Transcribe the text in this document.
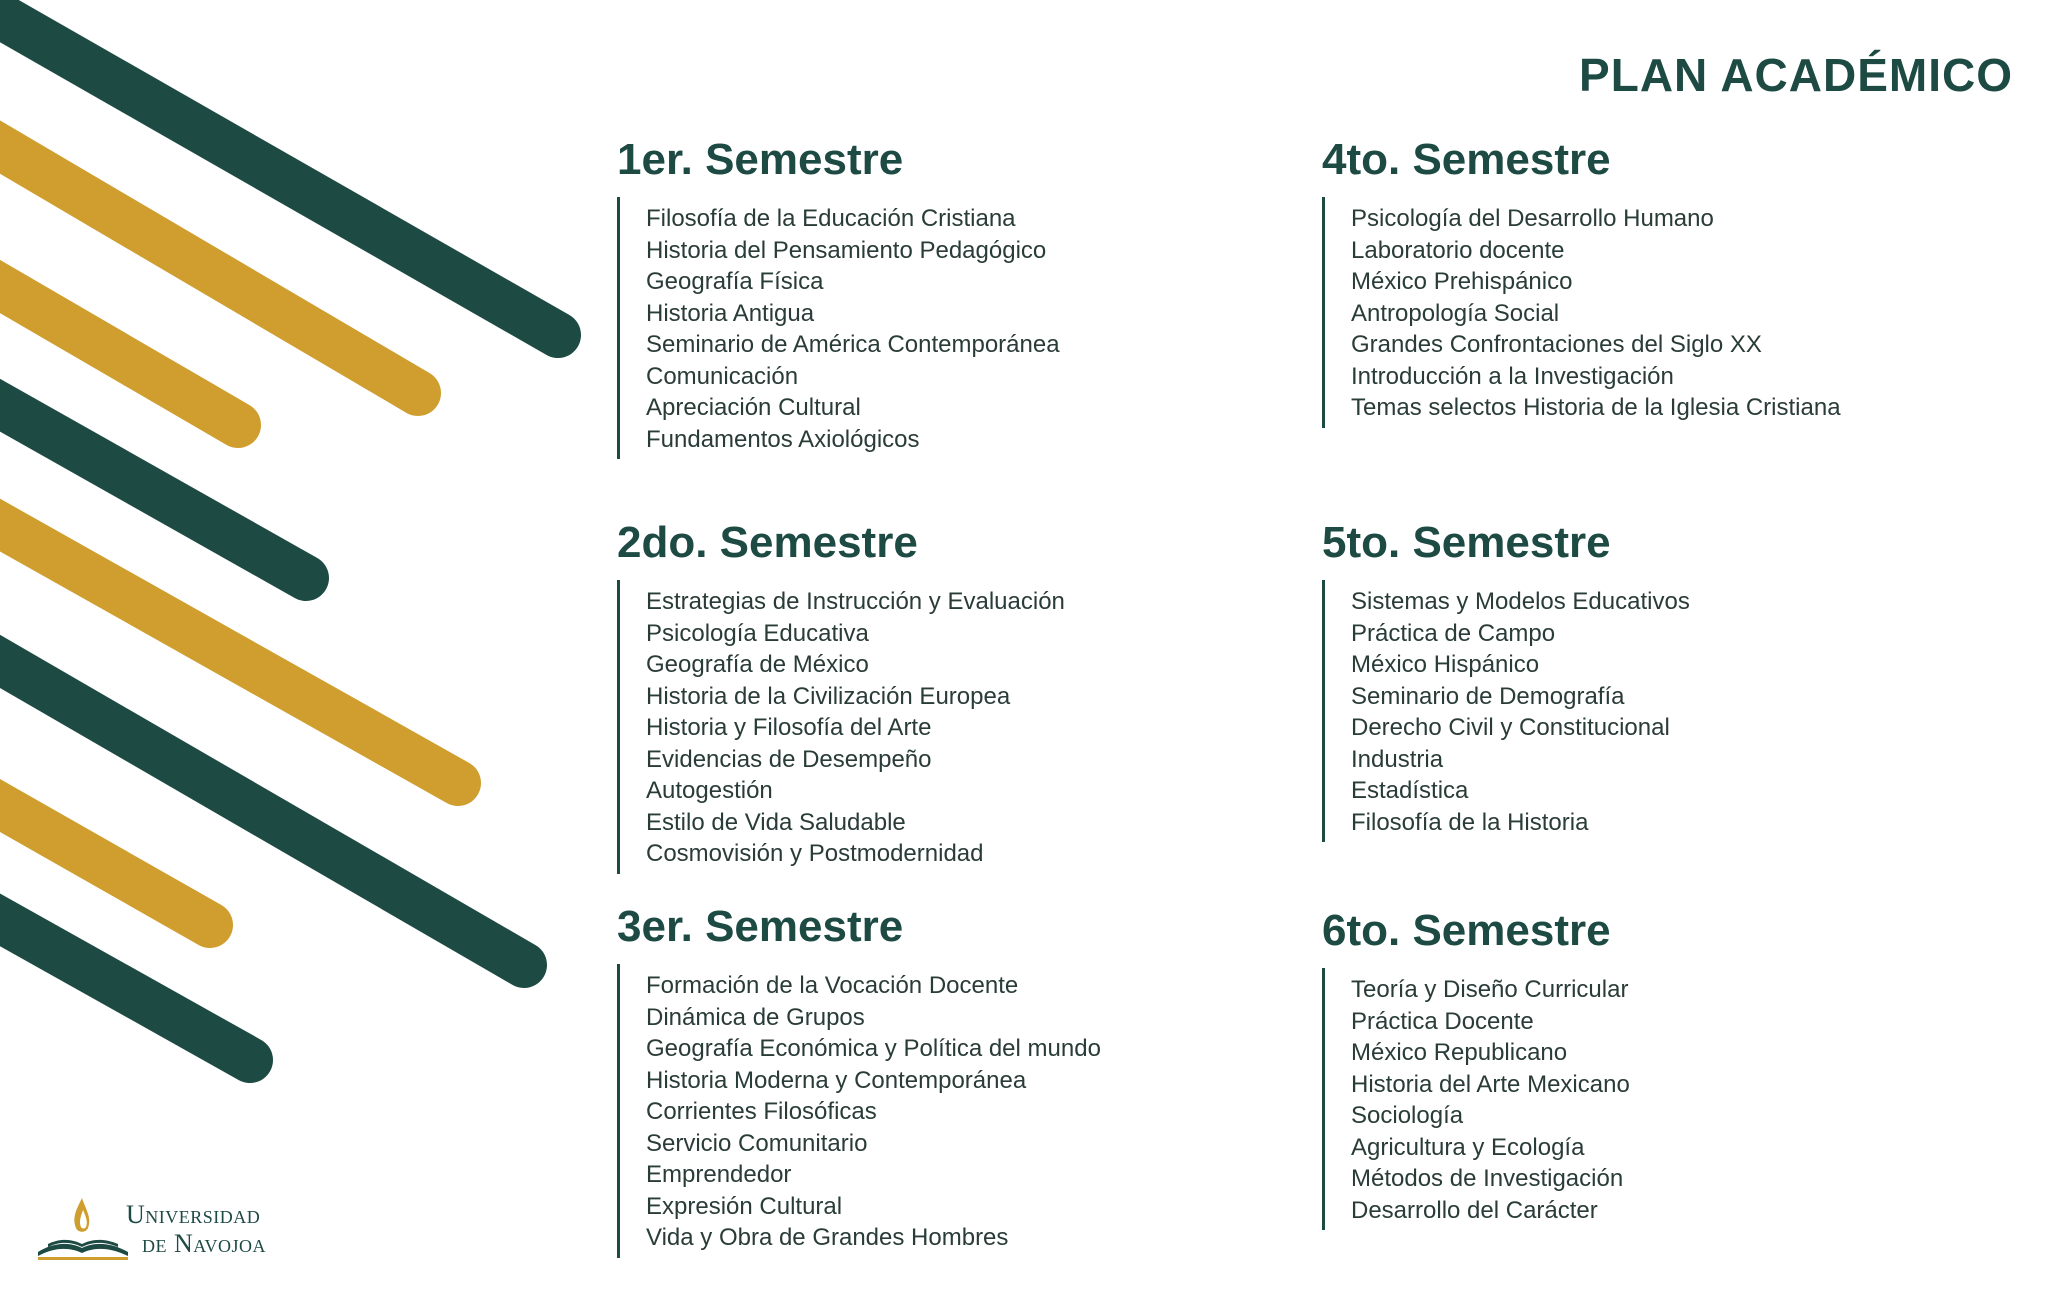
PLAN ACADÉMICO
1er. Semestre
Filosofía de la Educación Cristiana
Historia del Pensamiento Pedagógico
Geografía Física
Historia Antigua
Seminario de América Contemporánea
Comunicación
Apreciación Cultural
Fundamentos Axiológicos
2do. Semestre
Estrategias de Instrucción y Evaluación
Psicología Educativa
Geografía de México
Historia de la Civilización Europea
Historia y Filosofía del Arte
Evidencias de Desempeño
Autogestión
Estilo de Vida Saludable
Cosmovisión y Postmodernidad
3er. Semestre
Formación de la Vocación Docente
Dinámica de Grupos
Geografía Económica y Política del mundo
Historia Moderna y Contemporánea
Corrientes Filosóficas
Servicio Comunitario
Emprendedor
Expresión Cultural
Vida y Obra de Grandes Hombres
4to. Semestre
Psicología del Desarrollo Humano
Laboratorio docente
México Prehispánico
Antropología Social
Grandes Confrontaciones del Siglo XX
Introducción a la Investigación
Temas selectos Historia de la Iglesia Cristiana
5to. Semestre
Sistemas y Modelos Educativos
Práctica de Campo
México Hispánico
Seminario de Demografía
Derecho Civil y Constitucional
Industria
Estadística
Filosofía de la Historia
6to. Semestre
Teoría y Diseño Curricular
Práctica Docente
México Republicano
Historia del Arte Mexicano
Sociología
Agricultura y Ecología
Métodos de Investigación
Desarrollo del Carácter
Universidad
de Navojoa
